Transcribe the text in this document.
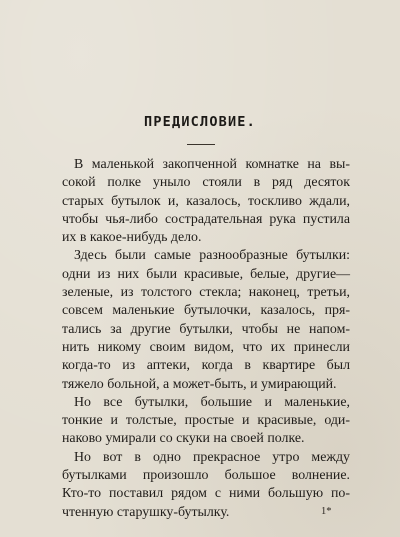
ПРЕДИСЛОВИЕ.
В маленькой закопченной комнатке на вы-
сокой полке уныло стояли в ряд десяток
старых бутылок и, казалось, тоскливо ждали,
чтобы чья-либо сострадательная рука пустила
их в какое-нибудь дело.
Здесь были самые разнообразные бутылки:
одни из них были красивые, белые, другие—
зеленые, из толстого стекла; наконец, третьи,
совсем маленькие бутылочки, казалось, пря-
тались за другие бутылки, чтобы не напом-
нить никому своим видом, что их принесли
когда-то из аптеки, когда в квартире был
тяжело больной, а может-быть, и умирающий.
Но все бутылки, большие и маленькие,
тонкие и толстые, простые и красивые, оди-
наково умирали со скуки на своей полке.
Но вот в одно прекрасное утро между
бутылками произошло большое волнение.
Кто-то поставил рядом с ними большую по-
чтенную старушку-бутылку.	1*
